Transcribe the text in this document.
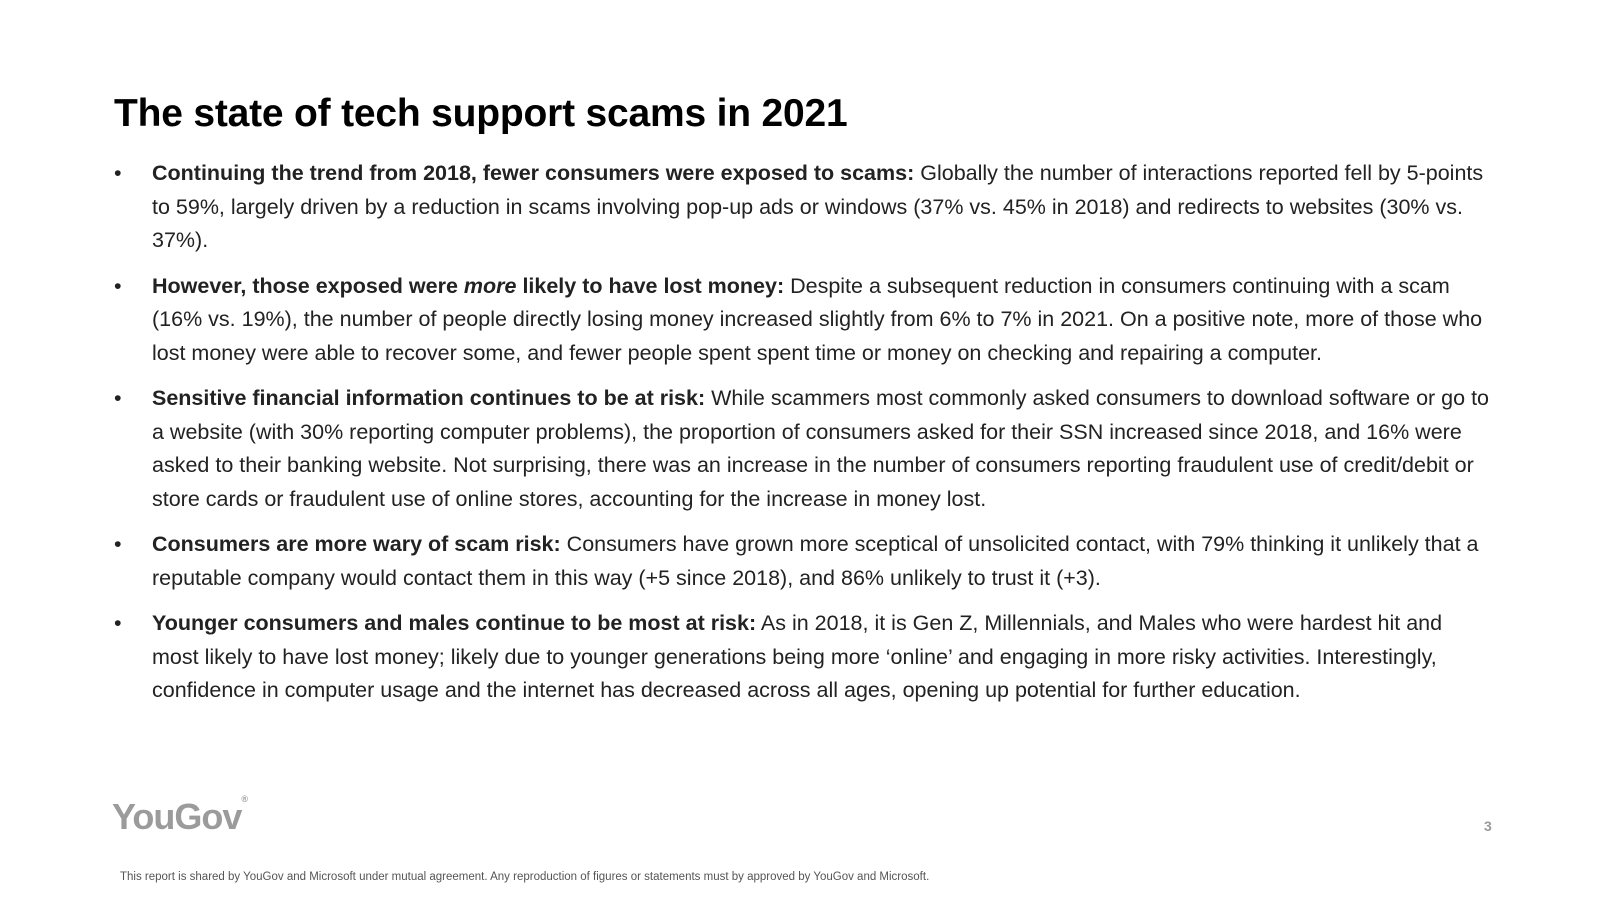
The state of tech support scams in 2021
• Continuing the trend from 2018, fewer consumers were exposed to scams: Globally the number of interactions reported fell by 5-points to 59%, largely driven by a reduction in scams involving pop-up ads or windows (37% vs. 45% in 2018) and redirects to websites (30% vs. 37%).
• However, those exposed were more likely to have lost money: Despite a subsequent reduction in consumers continuing with a scam (16% vs. 19%), the number of people directly losing money increased slightly from 6% to 7% in 2021. On a positive note, more of those who lost money were able to recover some, and fewer people spent spent time or money on checking and repairing a computer.
• Sensitive financial information continues to be at risk: While scammers most commonly asked consumers to download software or go to a website (with 30% reporting computer problems), the proportion of consumers asked for their SSN increased since 2018, and 16% were asked to their banking website. Not surprising, there was an increase in the number of consumers reporting fraudulent use of credit/debit or store cards or fraudulent use of online stores, accounting for the increase in money lost.
• Consumers are more wary of scam risk: Consumers have grown more sceptical of unsolicited contact, with 79% thinking it unlikely that a reputable company would contact them in this way (+5 since 2018), and 86% unlikely to trust it (+3).
• Younger consumers and males continue to be most at risk: As in 2018, it is Gen Z, Millennials, and Males who were hardest hit and most likely to have lost money; likely due to younger generations being more ‘online’ and engaging in more risky activities. Interestingly, confidence in computer usage and the internet has decreased across all ages, opening up potential for further education.
YouGov®
3
This report is shared by YouGov and Microsoft under mutual agreement. Any reproduction of figures or statements must by approved by YouGov and Microsoft.
